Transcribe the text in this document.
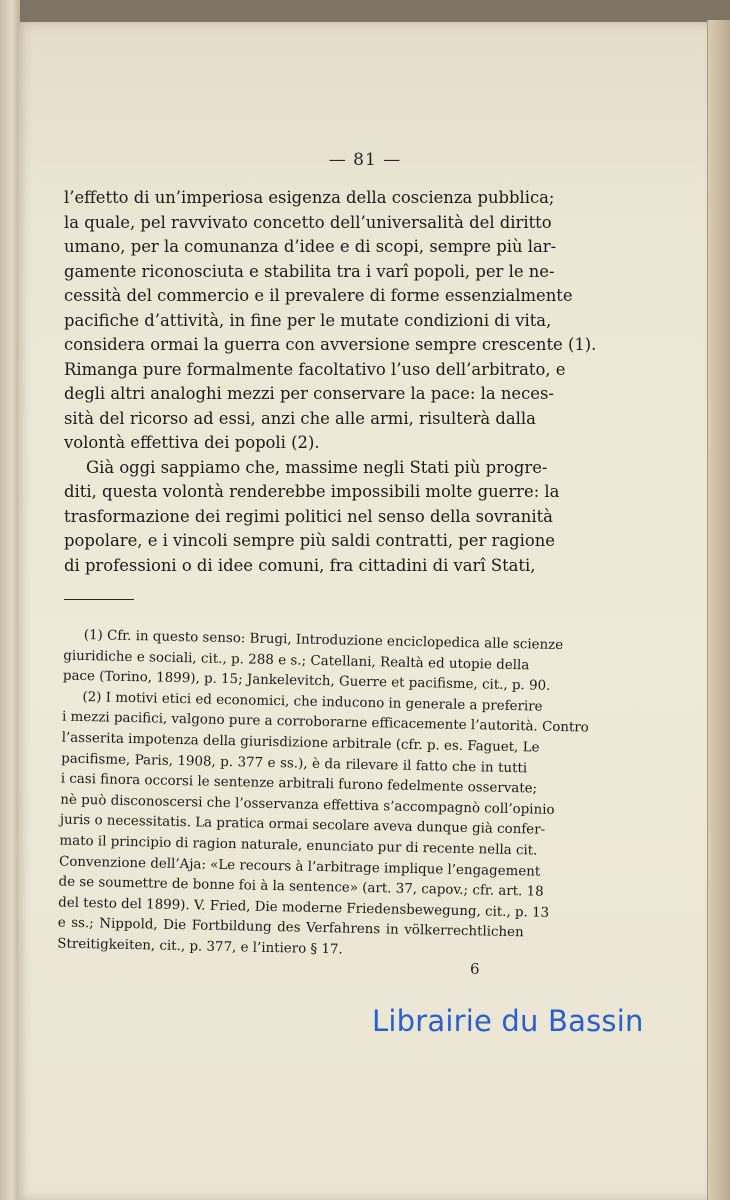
— 81 —
l’effetto di un’imperiosa esigenza della coscienza pubblica;
la quale, pel ravvivato concetto dell’universalità del diritto
umano, per la comunanza d’idee e di scopi, sempre più lar-
gamente riconosciuta e stabilita tra i varî popoli, per le ne-
cessità del commercio e il prevalere di forme essenzialmente
pacifiche d’attività, in fine per le mutate condizioni di vita,
considera ormai la guerra con avversione sempre crescente (1).
Rimanga pure formalmente facoltativo l’uso dell’arbitrato, e
degli altri analoghi mezzi per conservare la pace: la neces-
sità del ricorso ad essi, anzi che alle armi, risulterà dalla
volontà effettiva dei popoli (2).
Già oggi sappiamo che, massime negli Stati più progre-
diti, questa volontà renderebbe impossibili molte guerre: la
trasformazione dei regimi politici nel senso della sovranità
popolare, e i vincoli sempre più saldi contratti, per ragione
di professioni o di idee comuni, fra cittadini di varî Stati,
(1) Cfr. in questo senso: Brugi, Introduzione enciclopedica alle scienze
giuridiche e sociali, cit., p. 288 e s.; Catellani, Realtà ed utopie della
pace (Torino, 1899), p. 15; Jankelevitch, Guerre et pacifisme, cit., p. 90.
(2) I motivi etici ed economici, che inducono in generale a preferire
i mezzi pacifici, valgono pure a corroborarne efficacemente l’autorità. Contro
l’asserita impotenza della giurisdizione arbitrale (cfr. p. es. Faguet, Le
pacifisme, Paris, 1908, p. 377 e ss.), è da rilevare il fatto che in tutti
i casi finora occorsi le sentenze arbitrali furono fedelmente osservate;
nè può disconoscersi che l’osservanza effettiva s’accompagnò coll’opinio
juris o necessitatis. La pratica ormai secolare aveva dunque già confer-
mato il principio di ragion naturale, enunciato pur di recente nella cit.
Convenzione dell’Aja: «Le recours à l’arbitrage implique l’engagement
de se soumettre de bonne foi à la sentence» (art. 37, capov.; cfr. art. 18
del testo del 1899). V. Fried, Die moderne Friedensbewegung, cit., p. 13
e ss.; Nippold, Die Fortbildung des Verfahrens in völkerrechtlichen
Streitigkeiten, cit., p. 377, e l’intiero § 17.
6
Librairie du Bassin
